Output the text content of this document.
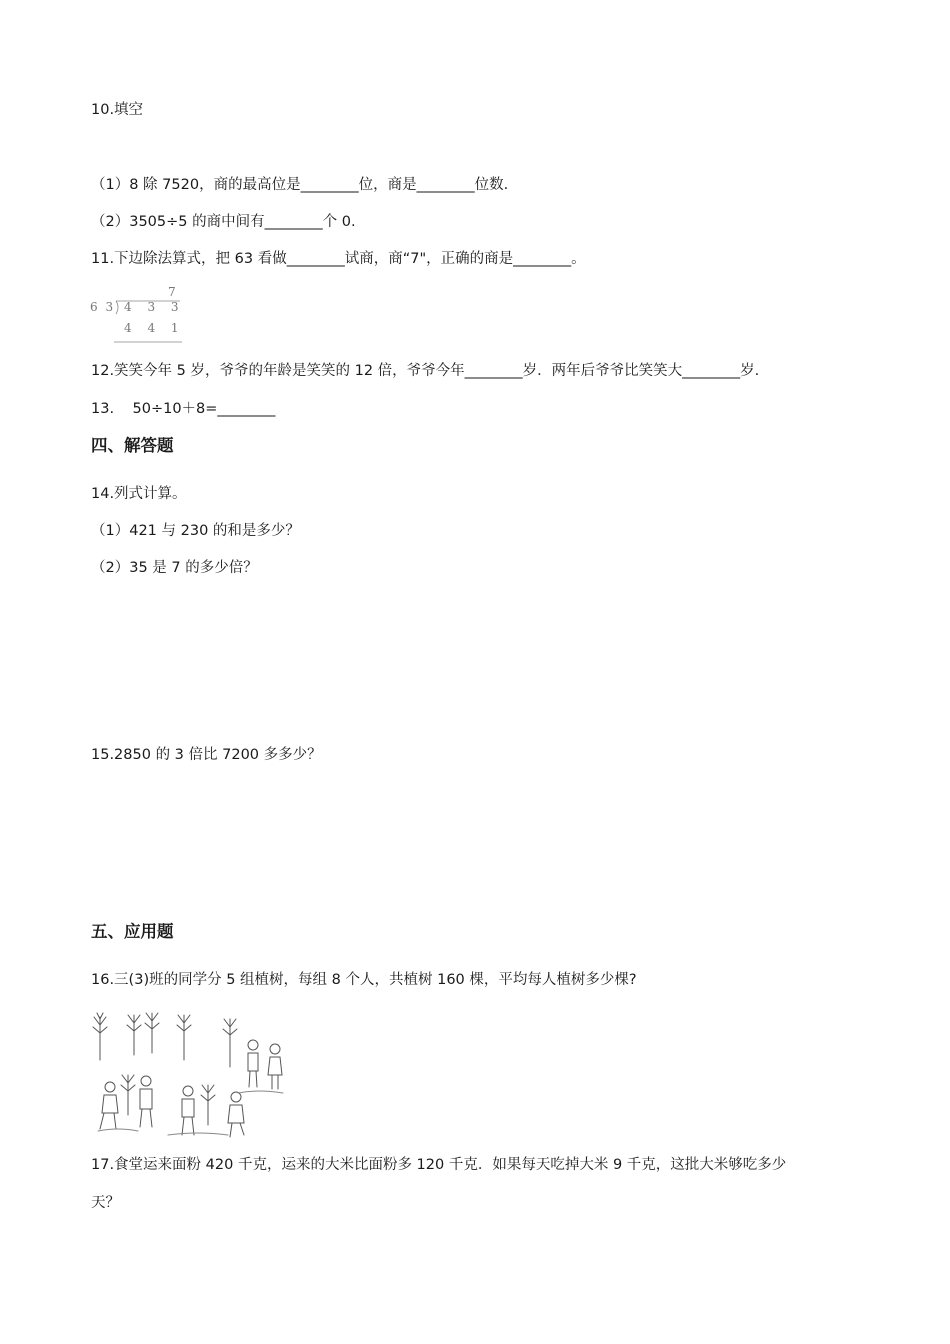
10.填空
（1）8 除 7520，商的最高位是________位，商是________位数.
（2）3505÷5 的商中间有________个 0.
11.下边除法算式，把 63 看做________试商，商“7"，正确的商是________。
7
6 3 4 3 3
4 4 1
12.笑笑今年 5 岁，爷爷的年龄是笑笑的 12 倍，爷爷今年________岁．两年后爷爷比笑笑大________岁.
13.    50÷10＋8=________
四、解答题
14.列式计算。
（1）421 与 230 的和是多少？
（2）35 是 7 的多少倍？
15.2850 的 3 倍比 7200 多多少？
五、应用题
16.三(3)班的同学分 5 组植树，每组 8 个人，共植树 160 棵，平均每人植树多少棵?
17.食堂运来面粉 420 千克，运来的大米比面粉多 120 千克．如果每天吃掉大米 9 千克，这批大米够吃多少
天？
